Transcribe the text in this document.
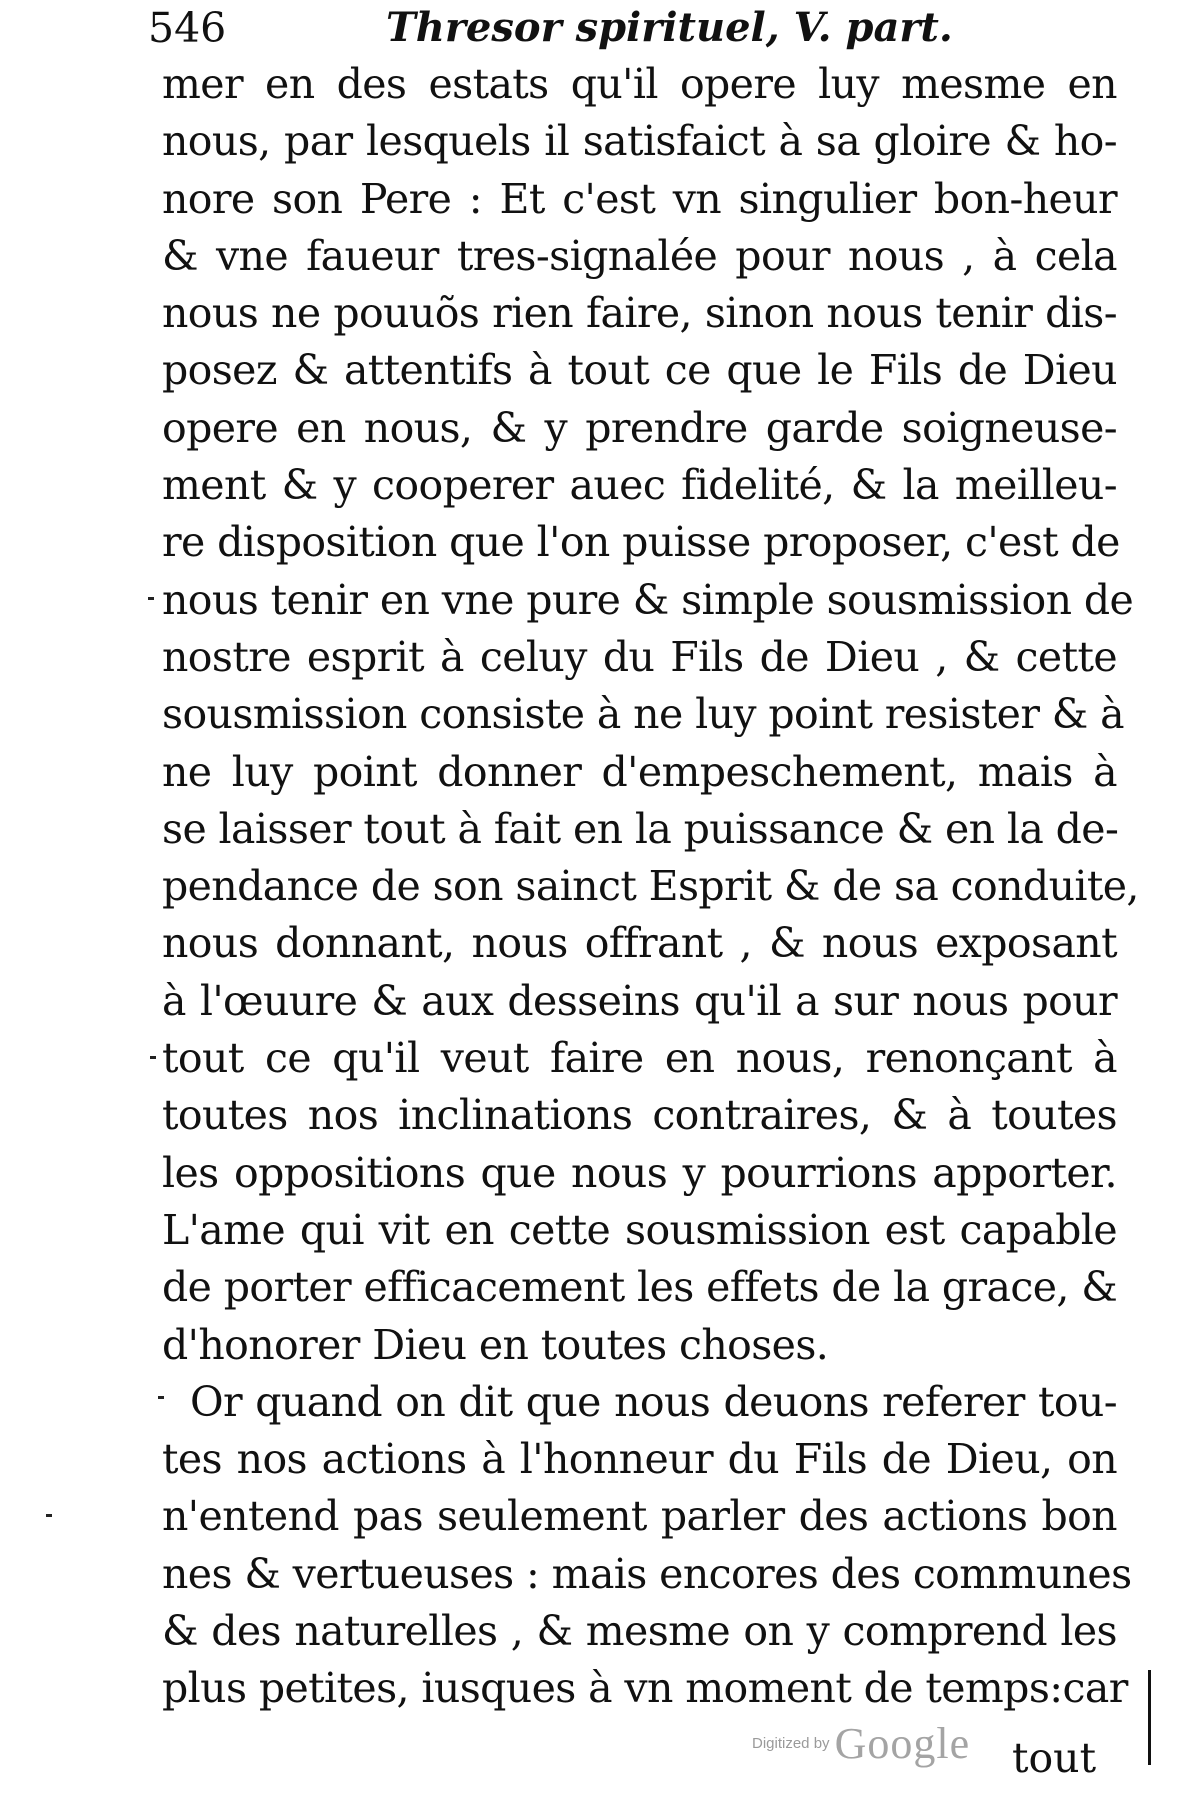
546	Thresor spirituel, V. part.
mer en des estats qu'il opere luy mesme en
nous, par lesquels il satisfaict à sa gloire & ho-
nore son Pere : Et c'est vn singulier bon-heur
& vne faueur tres-signalée pour nous , à cela
nous ne pouuõs rien faire, sinon nous tenir dis-
posez & attentifs à tout ce que le Fils de Dieu
opere en nous, & y prendre garde soigneuse-
ment & y cooperer auec fidelité, & la meilleu-
re disposition que l'on puisse proposer, c'est de
nous tenir en vne pure & simple sousmission de
nostre esprit à celuy du Fils de Dieu , & cette
sousmission consiste à ne luy point resister & à
ne luy point donner d'empeschement, mais à
se laisser tout à fait en la puissance & en la de-
pendance de son sainct Esprit & de sa conduite,
nous donnant, nous offrant , & nous exposant
à l'œuure & aux desseins qu'il a sur nous pour
tout ce qu'il veut faire en nous, renonçant à
toutes nos inclinations contraires, & à toutes
les oppositions que nous y pourrions apporter.
L'ame qui vit en cette sousmission est capable
de porter efficacement les effets de la grace, &
d'honorer Dieu en toutes choses.
Or quand on dit que nous deuons referer tou-
tes nos actions à l'honneur du Fils de Dieu, on
n'entend pas seulement parler des actions bon
nes & vertueuses : mais encores des communes
& des naturelles , & mesme on y comprend les
plus petites, iusques à vn moment de temps:car
Digitized by Google tout
